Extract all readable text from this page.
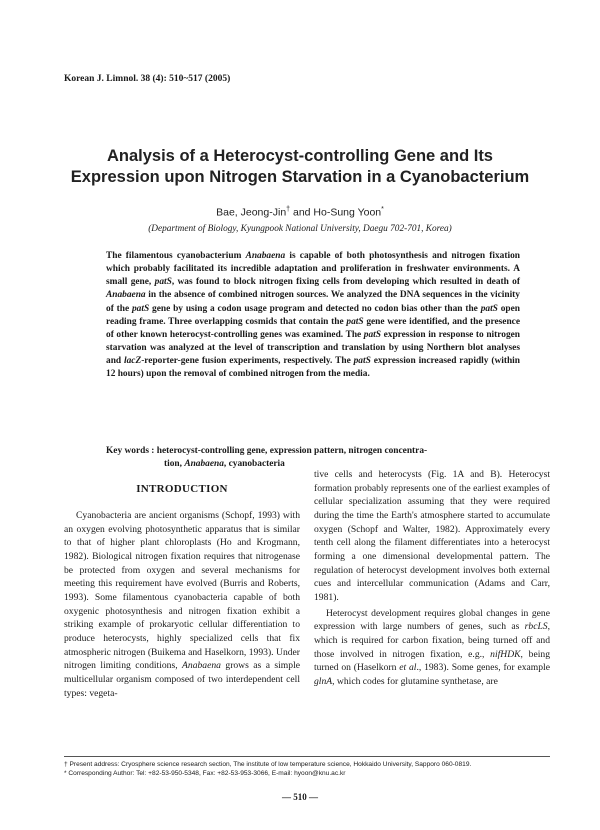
Korean J. Limnol. 38 (4): 510~517 (2005)
Analysis of a Heterocyst-controlling Gene and Its
Expression upon Nitrogen Starvation in a Cyanobacterium
Bae, Jeong-Jin† and Ho-Sung Yoon*
(Department of Biology, Kyungpook National University, Daegu 702-701, Korea)

The filamentous cyanobacterium Anabaena is capable of both photosynthesis and nitrogen fixation which probably facilitated its incredible adaptation and proliferation in freshwater environments. A small gene, patS, was found to block nitrogen fixing cells from developing which resulted in death of Anabaena in the absence of combined nitrogen sources. We analyzed the DNA sequences in the vicinity of the patS gene by using a codon usage program and detected no codon bias other than the patS open reading frame. Three overlapping cosmids that contain the patS gene were identified, and the presence of other known heterocyst-controlling genes was examined. The patS expression in response to nitrogen starvation was analyzed at the level of transcription and translation by using Northern blot analyses and lacZ-reporter-gene fusion experiments, respectively. The patS expression increased rapidly (within 12 hours) upon the removal of combined nitrogen from the media.

Key words : heterocyst-controlling gene, expression pattern, nitrogen concentra-
tion, Anabaena, cyanobacteria
INTRODUCTION

Cyanobacteria are ancient organisms (Schopf, 1993) with an oxygen evolving photosynthetic apparatus that is similar to that of higher plant chloroplasts (Ho and Krogmann, 1982). Biological nitrogen fixation requires that nitrogenase be protected from oxygen and several mechanisms for meeting this requirement have evolved (Burris and Roberts, 1993). Some filamentous cyanobacteria capable of both oxygenic photosynthesis and nitrogen fixation exhibit a striking example of prokaryotic cellular differentiation to produce heterocysts, highly specialized cells that fix atmospheric nitrogen (Buikema and Haselkorn, 1993). Under nitrogen limiting conditions, Anabaena grows as a simple multicellular organism composed of two interdependent cell types: vegeta-

tive cells and heterocysts (Fig. 1A and B). Heterocyst formation probably represents one of the earliest examples of cellular specialization assuming that they were required during the time the Earth's atmosphere started to accumulate oxygen (Schopf and Walter, 1982). Approximately every tenth cell along the filament differentiates into a heterocyst forming a one dimensional developmental pattern. The regulation of heterocyst development involves both external cues and intercellular communication (Adams and Carr, 1981).

Heterocyst development requires global changes in gene expression with large numbers of genes, such as rbcLS, which is required for carbon fixation, being turned off and those involved in nitrogen fixation, e.g., nifHDK, being turned on (Haselkorn et al., 1983). Some genes, for example glnA, which codes for glutamine synthetase, are

† Present address: Cryosphere science research section, The institute of low temperature science, Hokkaido University, Sapporo 060-0819.
* Corresponding Author: Tel: +82-53-950-5348, Fax: +82-53-953-3066, E-mail: hyoon@knu.ac.kr
— 510 —
